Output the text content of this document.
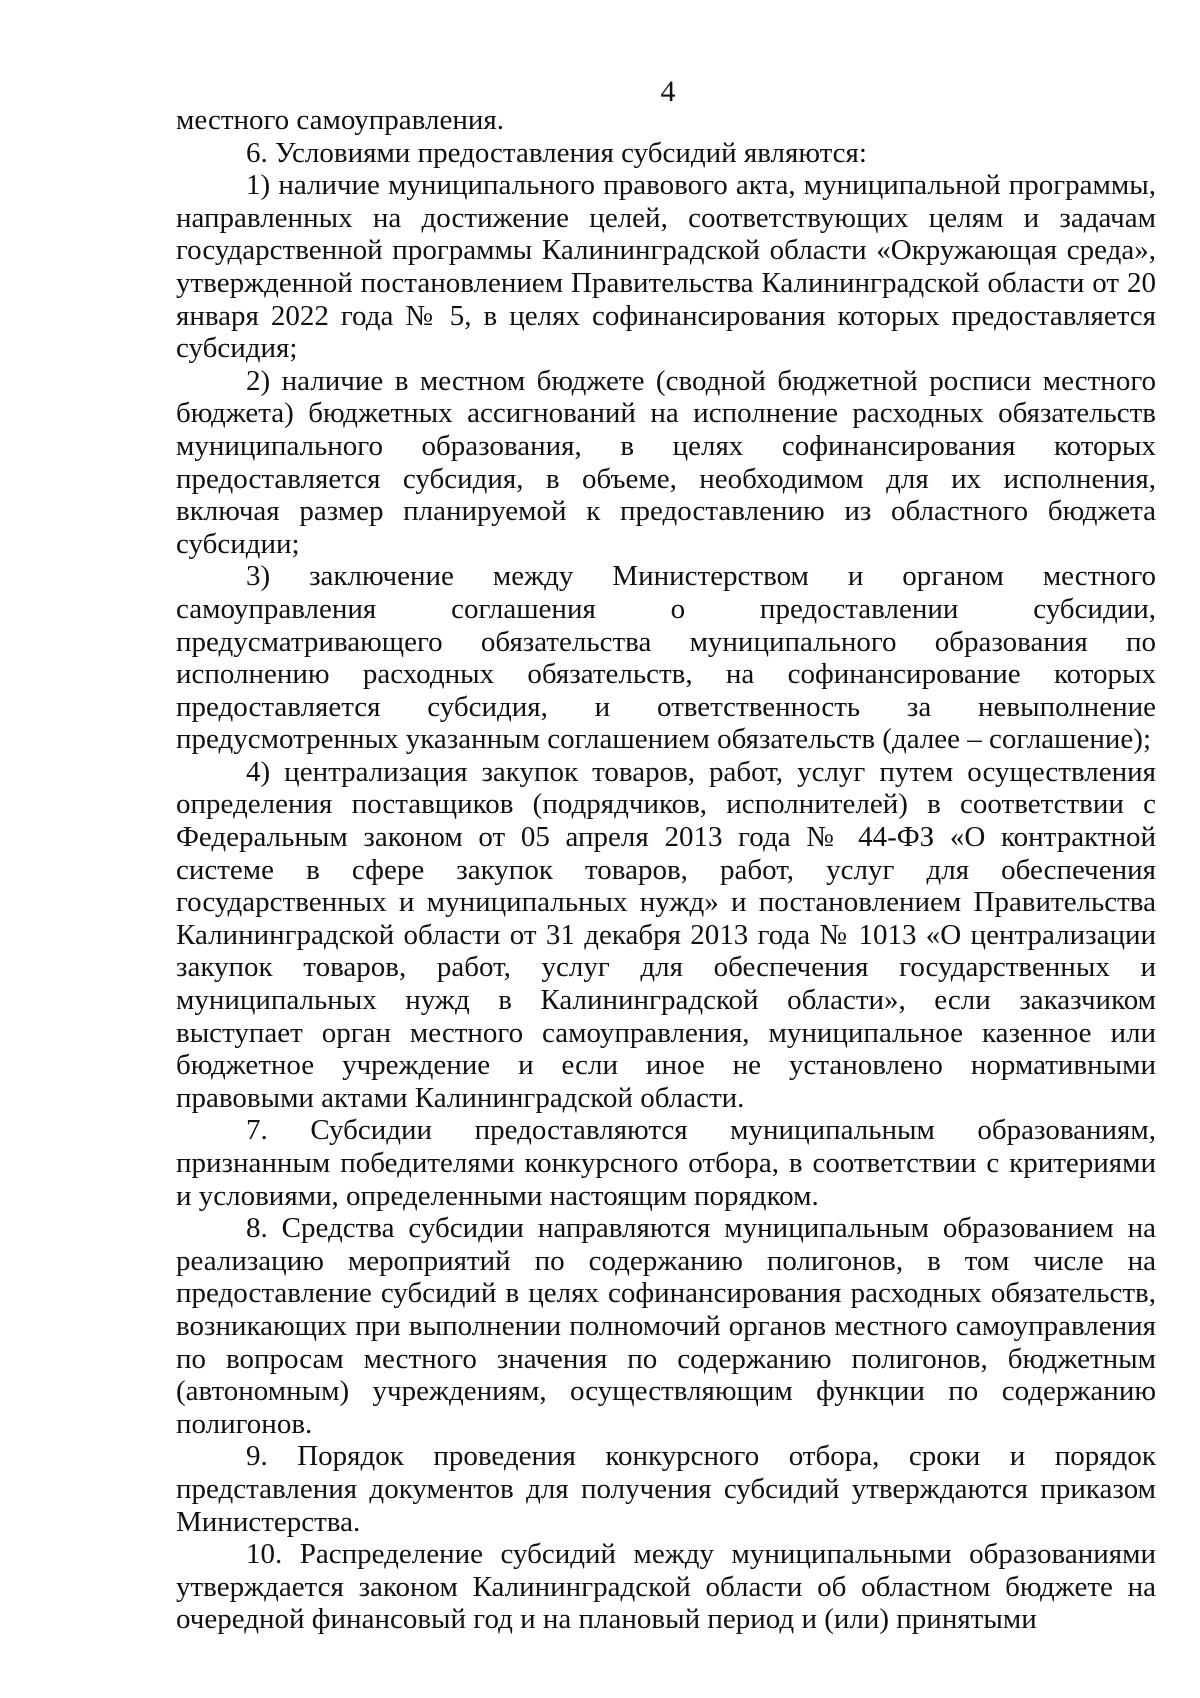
4

местного самоуправления.

6. Условиями предоставления субсидий являются:

1) наличие муниципального правового акта, муниципальной программы, направленных на достижение целей, соответствующих целям и задачам государственной программы Калининградской области «Окружающая среда», утвержденной постановлением Правительства Калининградской области от 20 января 2022 года № 5, в целях софинансирования которых предоставляется субсидия;

2) наличие в местном бюджете (сводной бюджетной росписи местного бюджета) бюджетных ассигнований на исполнение расходных обязательств муниципального образования, в целях софинансирования которых предоставляется субсидия, в объеме, необходимом для их исполнения, включая размер планируемой к предоставлению из областного бюджета субсидии;

3) заключение между Министерством и органом местного самоуправления соглашения о предоставлении субсидии, предусматривающего обязательства муниципального образования по исполнению расходных обязательств, на софинансирование которых предоставляется субсидия, и ответственность за невыполнение предусмотренных указанным соглашением обязательств (далее – соглашение);

4) централизация закупок товаров, работ, услуг путем осуществления определения поставщиков (подрядчиков, исполнителей) в соответствии с Федеральным законом от 05 апреля 2013 года № 44-ФЗ «О контрактной системе в сфере закупок товаров, работ, услуг для обеспечения государственных и муниципальных нужд» и постановлением Правительства Калининградской области от 31 декабря 2013 года № 1013 «О централизации закупок товаров, работ, услуг для обеспечения государственных и муниципальных нужд в Калининградской области», если заказчиком выступает орган местного самоуправления, муниципальное казенное или бюджетное учреждение и если иное не установлено нормативными правовыми актами Калининградской области.

7. Субсидии предоставляются муниципальным образованиям, признанным победителями конкурсного отбора, в соответствии с критериями и условиями, определенными настоящим порядком.

8. Средства субсидии направляются муниципальным образованием на реализацию мероприятий по содержанию полигонов, в том числе на предоставление субсидий в целях софинансирования расходных обязательств, возникающих при выполнении полномочий органов местного самоуправления по вопросам местного значения по содержанию полигонов, бюджетным (автономным) учреждениям, осуществляющим функции по содержанию полигонов.

9. Порядок проведения конкурсного отбора, сроки и порядок представления документов для получения субсидий утверждаются приказом Министерства.

10. Распределение субсидий между муниципальными образованиями утверждается законом Калининградской области об областном бюджете на очередной финансовый год и на плановый период и (или) принятыми
